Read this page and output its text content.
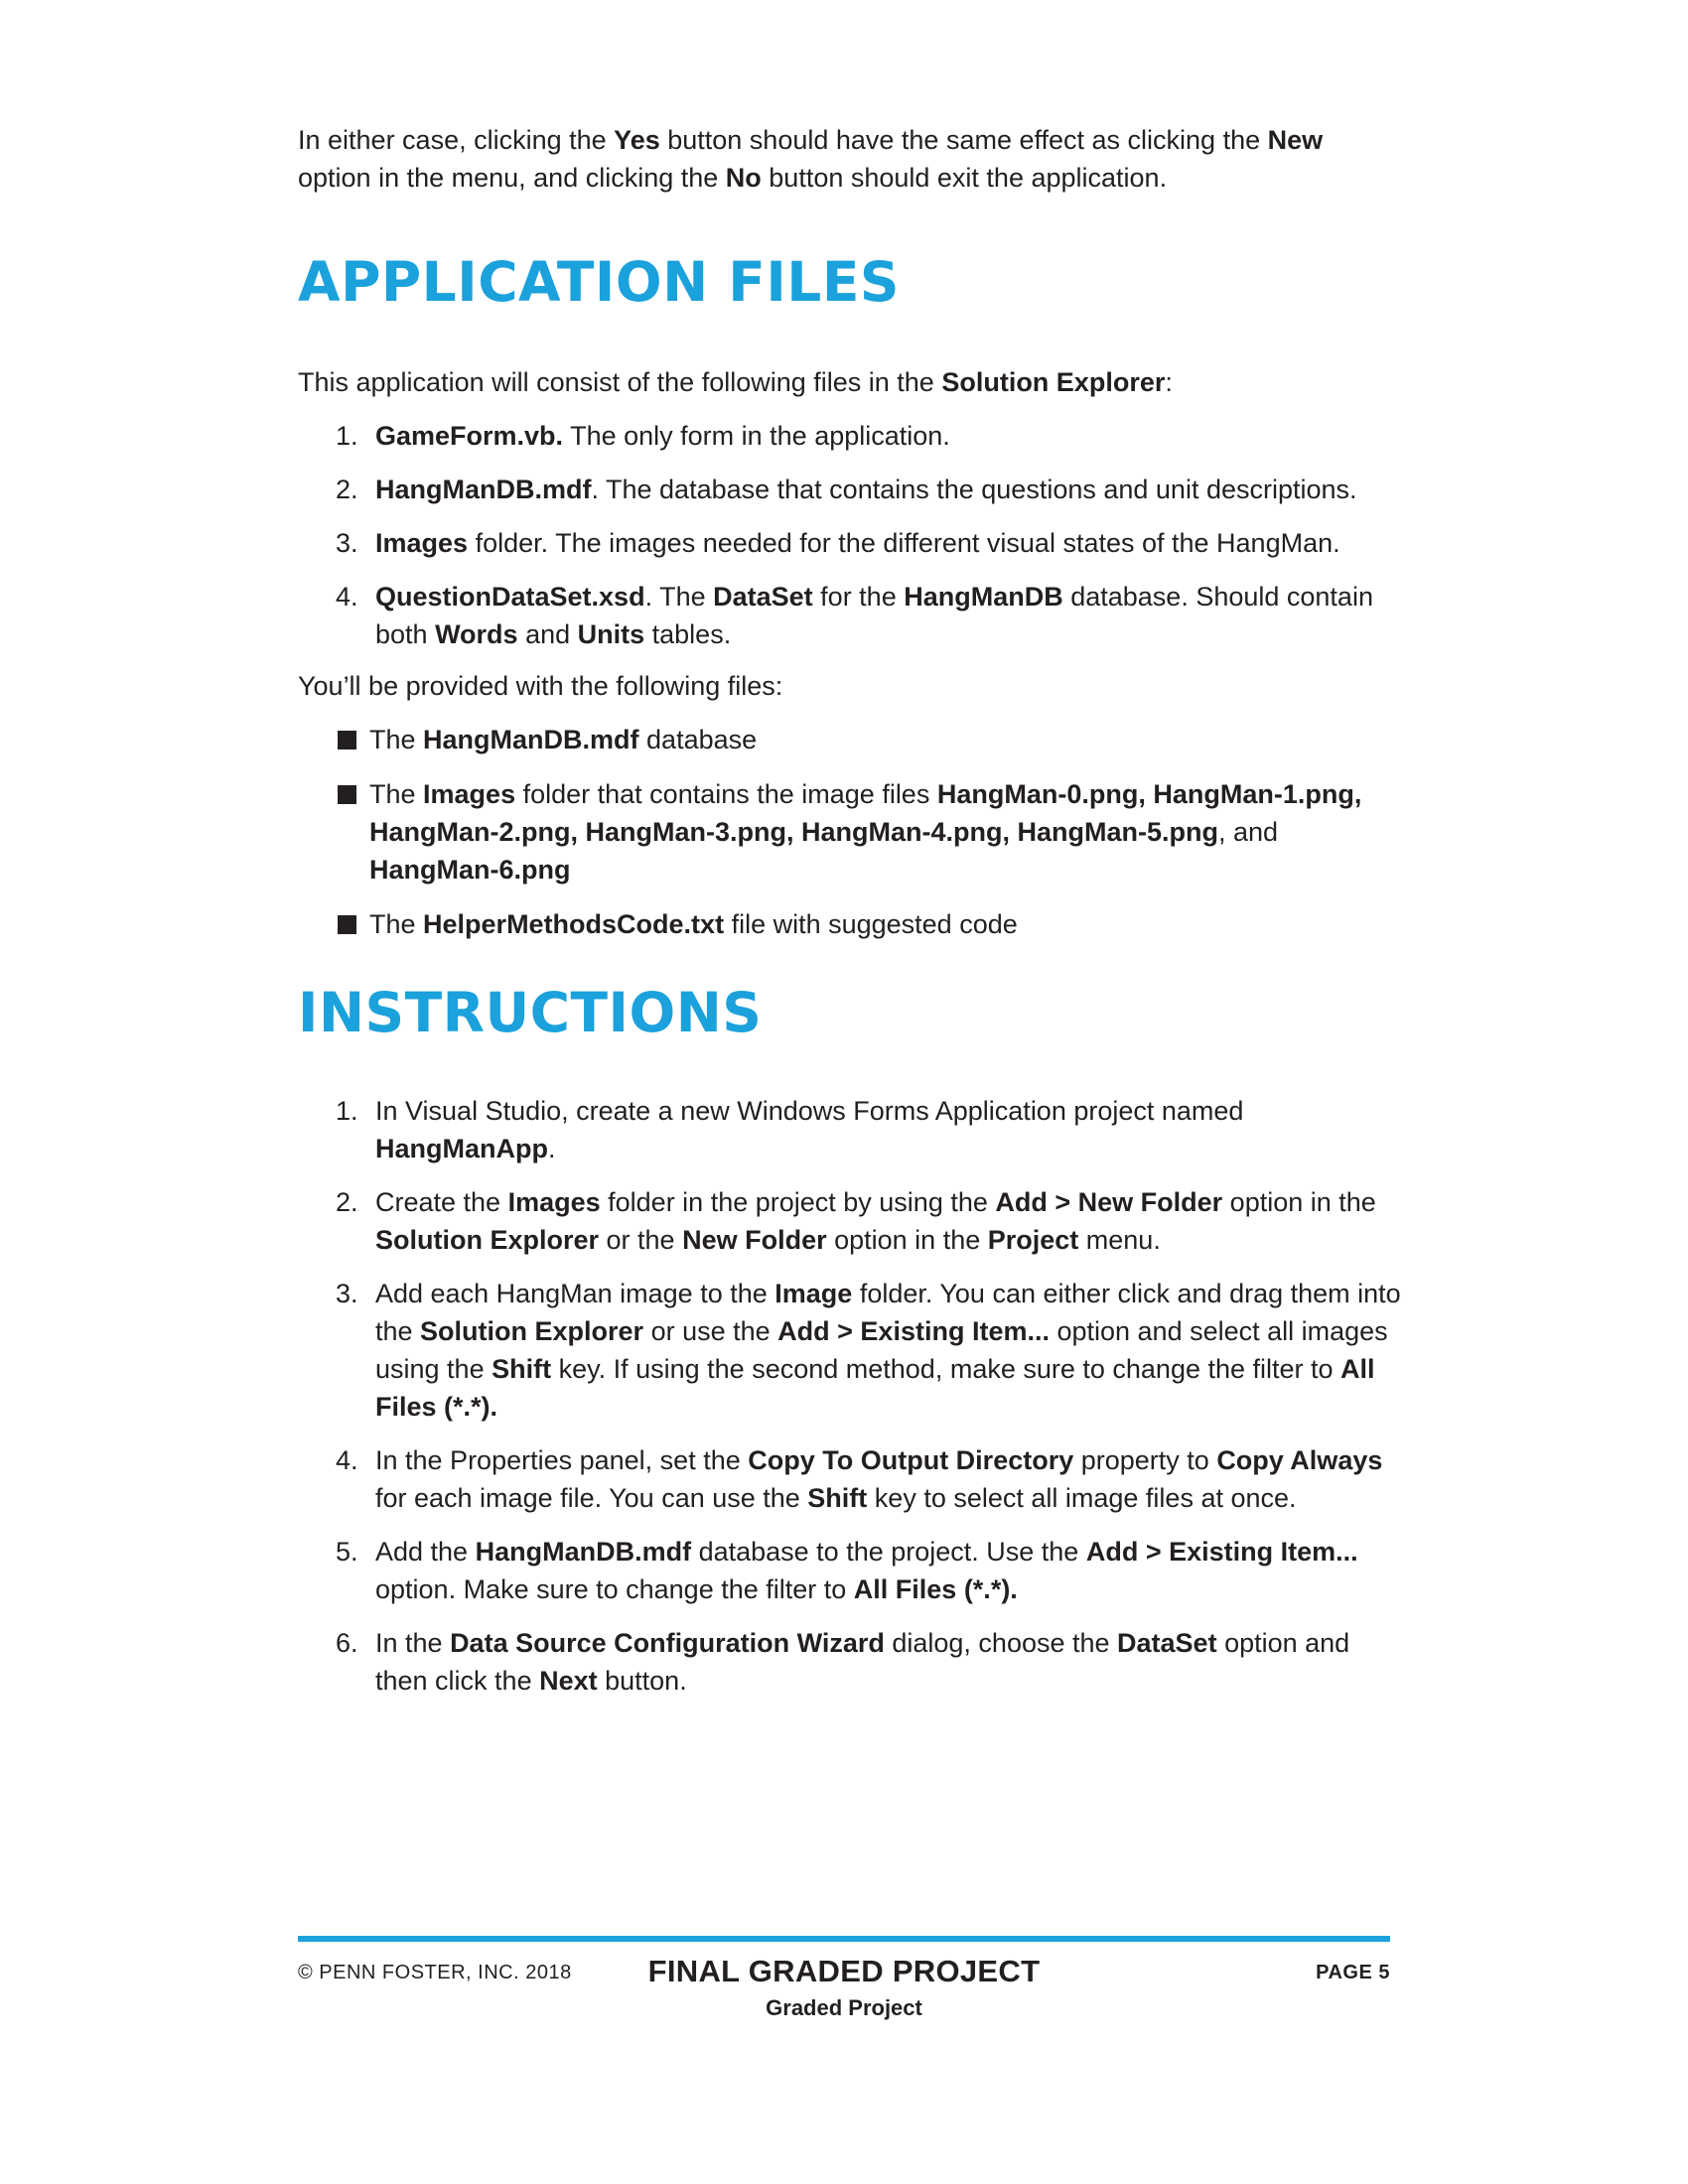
In either case, clicking the Yes button should have the same effect as clicking the New option in the menu, and clicking the No button should exit the application.

APPLICATION FILES

This application will consist of the following files in the Solution Explorer:

1. GameForm.vb. The only form in the application.
2. HangManDB.mdf. The database that contains the questions and unit descriptions.
3. Images folder. The images needed for the different visual states of the HangMan.
4. QuestionDataSet.xsd. The DataSet for the HangManDB database. Should contain both Words and Units tables.

You’ll be provided with the following files:

The HangManDB.mdf database
The Images folder that contains the image files HangMan-0.png, HangMan-1.png, HangMan-2.png, HangMan-3.png, HangMan-4.png, HangMan-5.png, and HangMan-6.png
The HelperMethodsCode.txt file with suggested code
INSTRUCTIONS
1. In Visual Studio, create a new Windows Forms Application project named HangManApp.
2. Create the Images folder in the project by using the Add > New Folder option in the Solution Explorer or the New Folder option in the Project menu.
3. Add each HangMan image to the Image folder. You can either click and drag them into the Solution Explorer or use the Add > Existing Item... option and select all images using the Shift key. If using the second method, make sure to change the filter to All Files (*.*).
4. In the Properties panel, set the Copy To Output Directory property to Copy Always for each image file. You can use the Shift key to select all image files at once.
5. Add the HangManDB.mdf database to the project. Use the Add > Existing Item... option. Make sure to change the filter to All Files (*.*).
6. In the Data Source Configuration Wizard dialog, choose the DataSet option and then click the Next button.
© PENN FOSTER, INC. 2018	FINAL GRADED PROJECT
Graded Project
PAGE 5
